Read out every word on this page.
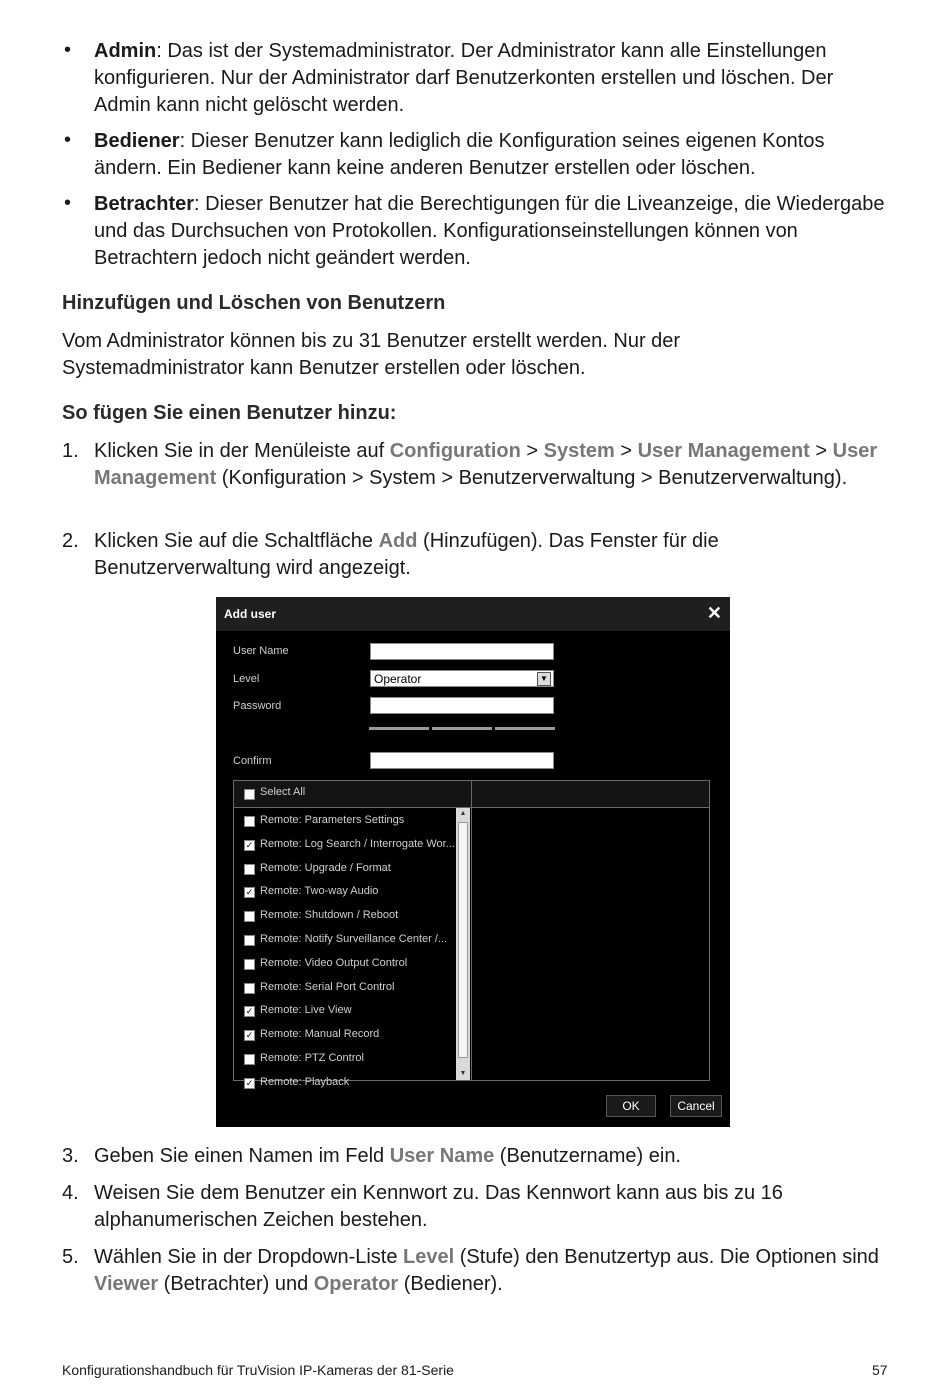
• Admin: Das ist der Systemadministrator. Der Administrator kann alle Einstellungen konfigurieren. Nur der Administrator darf Benutzerkonten erstellen und löschen. Der Admin kann nicht gelöscht werden.
• Bediener: Dieser Benutzer kann lediglich die Konfiguration seines eigenen Kontos ändern. Ein Bediener kann keine anderen Benutzer erstellen oder löschen.
• Betrachter: Dieser Benutzer hat die Berechtigungen für die Liveanzeige, die Wiedergabe und das Durchsuchen von Protokollen. Konfigurationseinstellungen können von Betrachtern jedoch nicht geändert werden.
Hinzufügen und Löschen von Benutzern
Vom Administrator können bis zu 31 Benutzer erstellt werden. Nur der Systemadministrator kann Benutzer erstellen oder löschen.
So fügen Sie einen Benutzer hinzu:
1. Klicken Sie in der Menüleiste auf Configuration > System > User Management > User Management (Konfiguration > System > Benutzerverwaltung > Benutzerverwaltung).
2. Klicken Sie auf die Schaltfläche Add (Hinzufügen). Das Fenster für die Benutzerverwaltung wird angezeigt.
Add user	✕
User Name
Level	Operator	▼
Password
Confirm
Select All
Remote: Parameters Settings
✓ Remote: Log Search / Interrogate Wor...
Remote: Upgrade / Format
✓ Remote: Two-way Audio
Remote: Shutdown / Reboot
Remote: Notify Surveillance Center /...
Remote: Video Output Control
Remote: Serial Port Control
✓ Remote: Live View
✓ Remote: Manual Record
Remote: PTZ Control
✓ Remote: Playback
▲
▼
OK	Cancel
3. Geben Sie einen Namen im Feld User Name (Benutzername) ein.
4. Weisen Sie dem Benutzer ein Kennwort zu. Das Kennwort kann aus bis zu 16 alphanumerischen Zeichen bestehen.
5. Wählen Sie in der Dropdown-Liste Level (Stufe) den Benutzertyp aus. Die Optionen sind Viewer (Betrachter) und Operator (Bediener).
Konfigurationshandbuch für TruVision IP-Kameras der 81-Serie	57
